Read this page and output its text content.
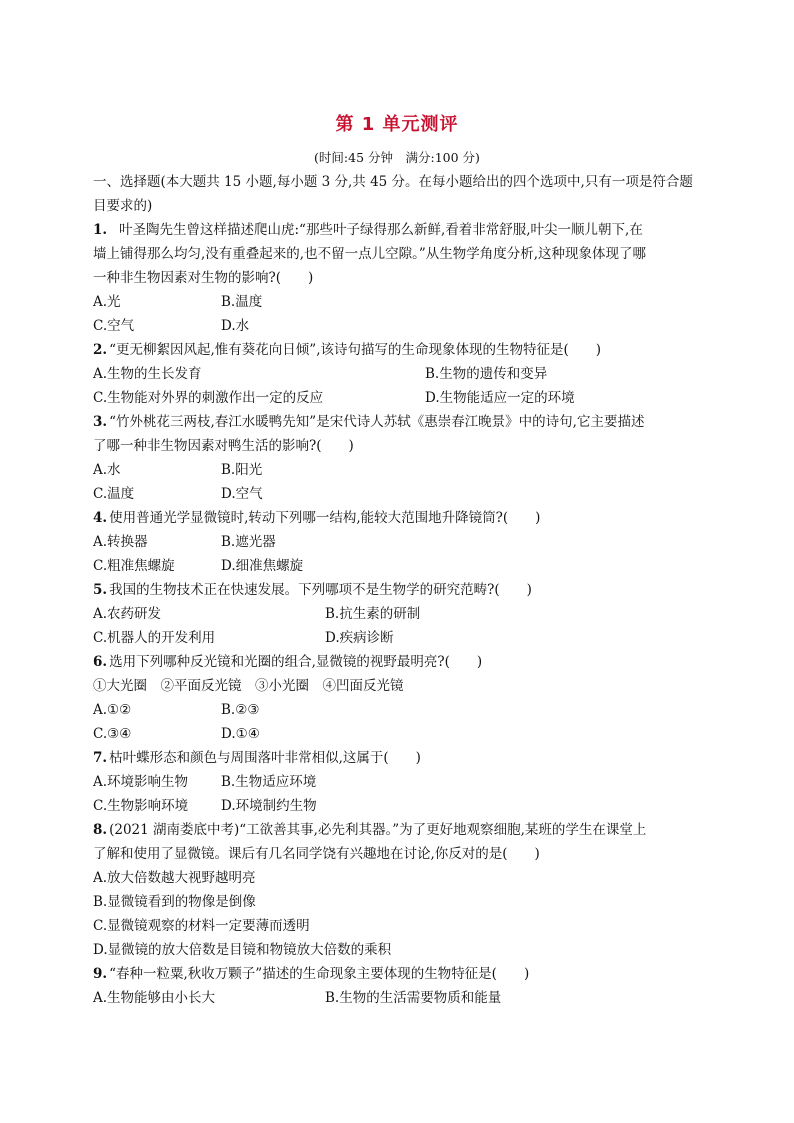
第 1 单元测评
(时间:45 分钟　满分:100 分)
一、选择题(本大题共 15 小题,每小题 3 分,共 45 分。在每小题给出的四个选项中,只有一项是符合题目要求的)
1. 叶圣陶先生曾这样描述爬山虎:“那些叶子绿得那么新鲜,看着非常舒服,叶尖一顺儿朝下,在
墙上铺得那么均匀,没有重叠起来的,也不留一点儿空隙。”从生物学角度分析,这种现象体现了哪
一种非生物因素对生物的影响?(　　)
A.光	B.温度
C.空气	D.水
2. “更无柳絮因风起,惟有葵花向日倾”,该诗句描写的生命现象体现的生物特征是(　　)
A.生物的生长发育	B.生物的遗传和变异
C.生物能对外界的刺激作出一定的反应	D.生物能适应一定的环境
3. “竹外桃花三两枝,春江水暖鸭先知”是宋代诗人苏轼《惠崇春江晚景》中的诗句,它主要描述
了哪一种非生物因素对鸭生活的影响?(　　)
A.水	B.阳光
C.温度	D.空气
4. 使用普通光学显微镜时,转动下列哪一结构,能较大范围地升降镜筒?(　　)
A.转换器	B.遮光器
C.粗准焦螺旋	D.细准焦螺旋
5. 我国的生物技术正在快速发展。下列哪项不是生物学的研究范畴?(　　)
A.农药研发	B.抗生素的研制
C.机器人的开发利用	D.疾病诊断
6. 选用下列哪种反光镜和光圈的组合,显微镜的视野最明亮?(　　)
①大光圈　②平面反光镜　③小光圈　④凹面反光镜
A.①②	B.②③
C.③④	D.①④
7. 枯叶蝶形态和颜色与周围落叶非常相似,这属于(　　)
A.环境影响生物	B.生物适应环境
C.生物影响环境	D.环境制约生物
8. (2021 湖南娄底中考)“工欲善其事,必先利其器。”为了更好地观察细胞,某班的学生在课堂上
了解和使用了显微镜。课后有几名同学饶有兴趣地在讨论,你反对的是(　　)
A.放大倍数越大视野越明亮
B.显微镜看到的物像是倒像
C.显微镜观察的材料一定要薄而透明
D.显微镜的放大倍数是目镜和物镜放大倍数的乘积
9. “春种一粒粟,秋收万颗子”描述的生命现象主要体现的生物特征是(　　)
A.生物能够由小长大	B.生物的生活需要物质和能量
